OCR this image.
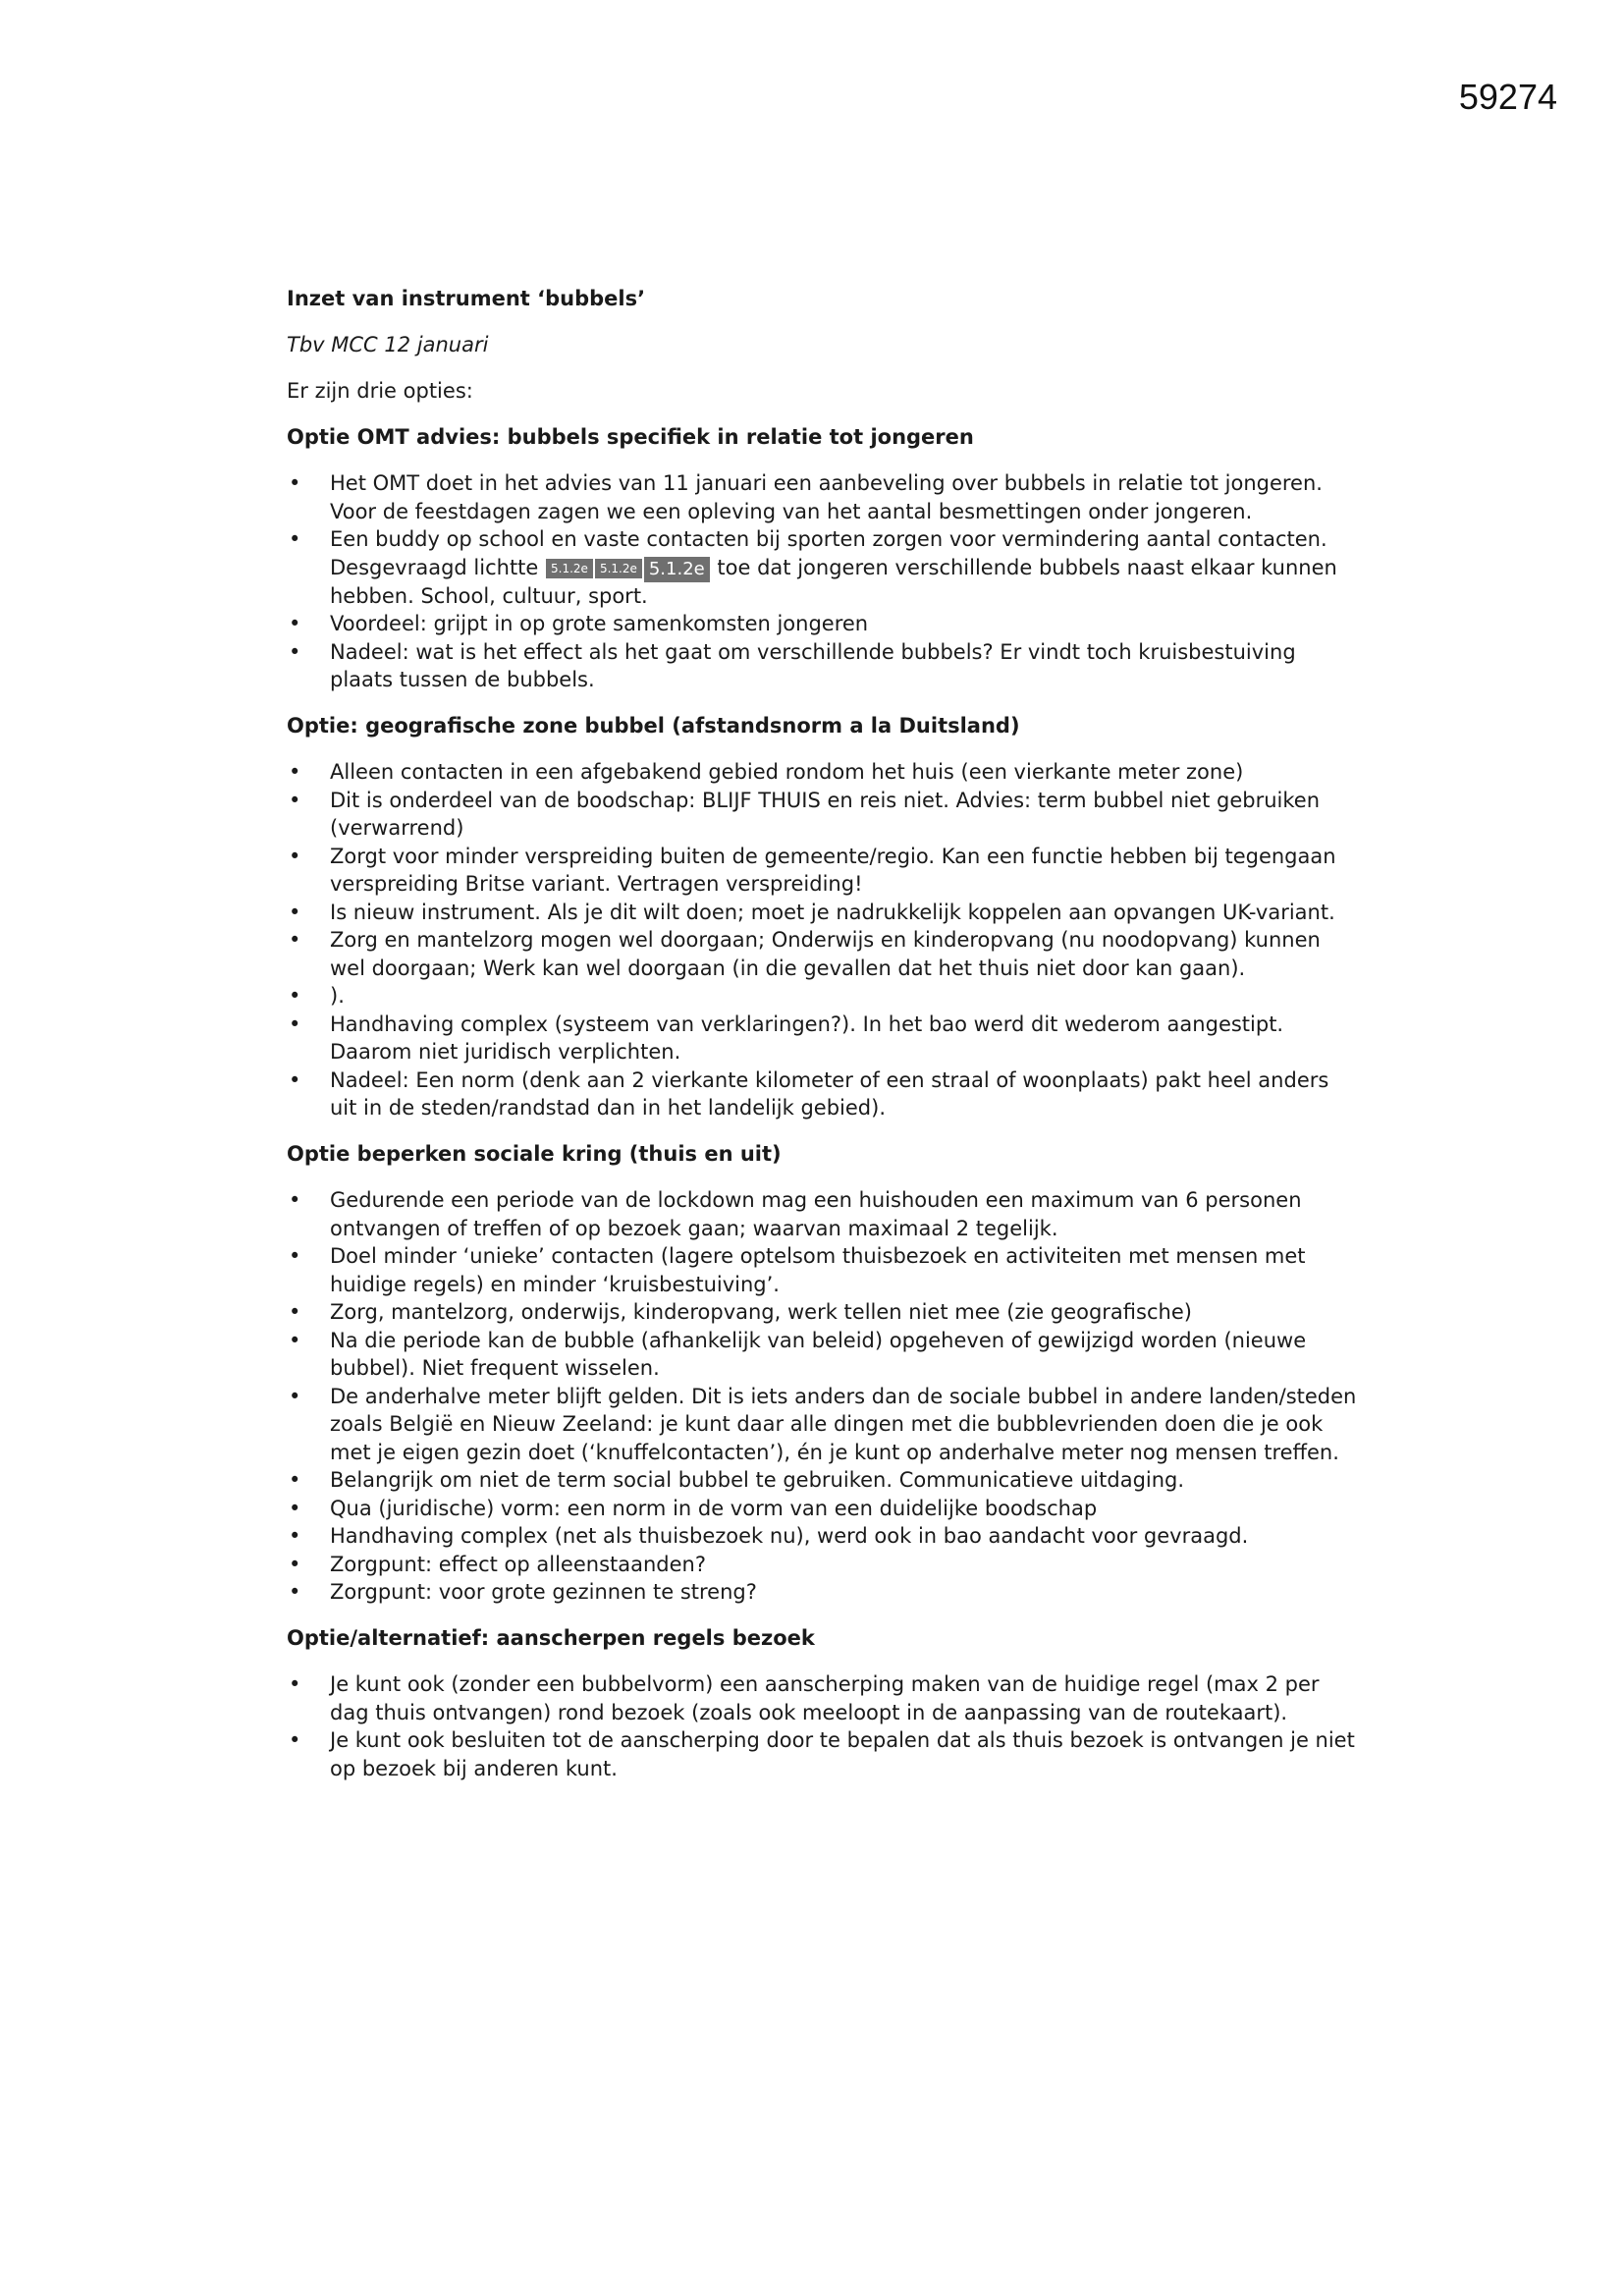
59274

Inzet van instrument ‘bubbels’

Tbv MCC 12 januari

Er zijn drie opties:

Optie OMT advies: bubbels specifiek in relatie tot jongeren

• Het OMT doet in het advies van 11 januari een aanbeveling over bubbels in relatie tot jongeren. Voor de feestdagen zagen we een opleving van het aantal besmettingen onder jongeren.
• Een buddy op school en vaste contacten bij sporten zorgen voor vermindering aantal contacten. Desgevraagd lichtte 5.1.2e 5.1.2e 5.1.2e toe dat jongeren verschillende bubbels naast elkaar kunnen hebben. School, cultuur, sport.
• Voordeel: grijpt in op grote samenkomsten jongeren
• Nadeel: wat is het effect als het gaat om verschillende bubbels? Er vindt toch kruisbestuiving plaats tussen de bubbels.

Optie: geografische zone bubbel (afstandsnorm a la Duitsland)

• Alleen contacten in een afgebakend gebied rondom het huis (een vierkante meter zone)
• Dit is onderdeel van de boodschap: BLIJF THUIS en reis niet. Advies: term bubbel niet gebruiken (verwarrend)
• Zorgt voor minder verspreiding buiten de gemeente/regio. Kan een functie hebben bij tegengaan verspreiding Britse variant. Vertragen verspreiding!
• Is nieuw instrument. Als je dit wilt doen; moet je nadrukkelijk koppelen aan opvangen UK-variant.
• Zorg en mantelzorg mogen wel doorgaan; Onderwijs en kinderopvang (nu noodopvang) kunnen wel doorgaan; Werk kan wel doorgaan (in die gevallen dat het thuis niet door kan gaan).
• ).
• Handhaving complex (systeem van verklaringen?). In het bao werd dit wederom aangestipt. Daarom niet juridisch verplichten.
• Nadeel: Een norm (denk aan 2 vierkante kilometer of een straal of woonplaats) pakt heel anders uit in de steden/randstad dan in het landelijk gebied).

Optie beperken sociale kring (thuis en uit)

• Gedurende een periode van de lockdown mag een huishouden een maximum van 6 personen ontvangen of treffen of op bezoek gaan; waarvan maximaal 2 tegelijk.
• Doel minder ‘unieke’ contacten (lagere optelsom thuisbezoek en activiteiten met mensen met huidige regels) en minder ‘kruisbestuiving’.
• Zorg, mantelzorg, onderwijs, kinderopvang, werk tellen niet mee (zie geografische)
• Na die periode kan de bubble (afhankelijk van beleid) opgeheven of gewijzigd worden (nieuwe bubbel). Niet frequent wisselen.
• De anderhalve meter blijft gelden. Dit is iets anders dan de sociale bubbel in andere landen/steden zoals België en Nieuw Zeeland: je kunt daar alle dingen met die bubblevrienden doen die je ook met je eigen gezin doet (‘knuffelcontacten’), én je kunt op anderhalve meter nog mensen treffen.
• Belangrijk om niet de term social bubbel te gebruiken. Communicatieve uitdaging.
• Qua (juridische) vorm: een norm in de vorm van een duidelijke boodschap
• Handhaving complex (net als thuisbezoek nu), werd ook in bao aandacht voor gevraagd.
• Zorgpunt: effect op alleenstaanden?
• Zorgpunt: voor grote gezinnen te streng?

Optie/alternatief: aanscherpen regels bezoek

• Je kunt ook (zonder een bubbelvorm) een aanscherping maken van de huidige regel (max 2 per dag thuis ontvangen) rond bezoek (zoals ook meeloopt in de aanpassing van de routekaart).
• Je kunt ook besluiten tot de aanscherping door te bepalen dat als thuis bezoek is ontvangen je niet op bezoek bij anderen kunt.
